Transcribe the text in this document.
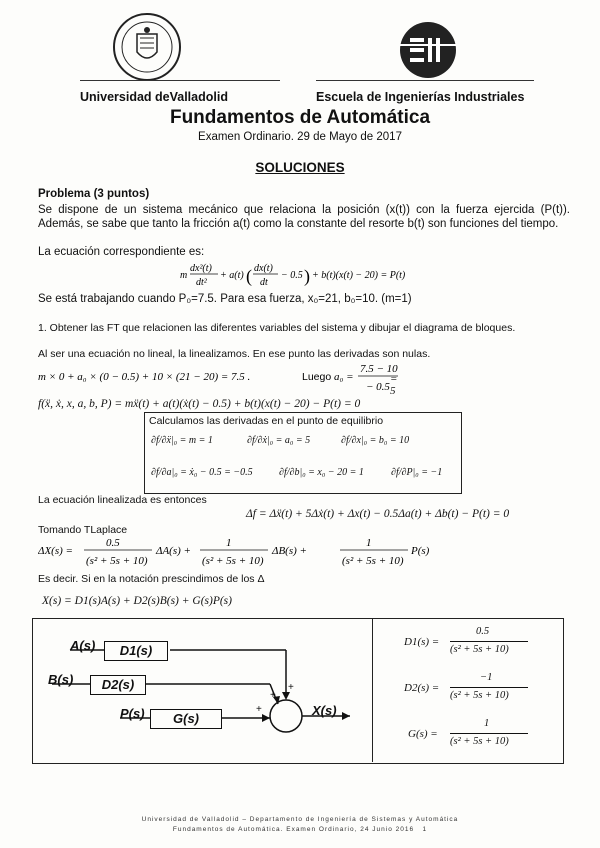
Universidad deValladolid	Escuela de Ingenierías Industriales
Fundamentos de Automática
Examen Ordinario. 29 de Mayo de 2017
SOLUCIONES
Problema (3 puntos)
Se dispone de un sistema mecánico que relaciona la posición (x(t)) con la fuerza ejercida (P(t)). Además, se sabe que tanto la fricción a(t) como la constante del resorte b(t) son funciones del tiempo.
La ecuación correspondiente es:
m
dx²(t)
dt²
+ a(t) ( dx(t)
dt
− 0.5 ) + b(t)(x(t) − 20) = P(t)
Se está trabajando cuando P₀=7.5. Para esa fuerza, x₀=21, b₀=10. (m=1)
1. Obtener las FT que relacionen las diferentes variables del sistema y dibujar el diagrama de bloques.
Al ser una ecuación no lineal, la linealizamos. En ese punto las derivadas son nulas.
m × 0 + a₀ × (0 − 0.5) + 10 × (21 − 20) = 7.5 .	Luego a₀ =
7.5 − 10
− 0.5
= 5
f(ẍ, ẋ, x, a, b, P) = mẍ(t) + a(t)(ẋ(t) − 0.5) + b(t)(x(t) − 20) − P(t) = 0
Calculamos las derivadas en el punto de equilibrio
∂f/∂ẍ|₀ = m = 1	∂f/∂ẋ|₀ = a₀ = 5	∂f/∂x|₀ = b₀ = 10
∂f/∂a|₀ = ẋ₀ − 0.5 = −0.5	∂f/∂b|₀ = x₀ − 20 = 1	∂f/∂P|₀ = −1
La ecuación linealizada es entonces
Δf = Δẍ(t) + 5Δẋ(t) + Δx(t) − 0.5Δa(t) + Δb(t) − P(t) = 0
Tomando TLaplace
ΔX(s) =
0.5
(s² + 5s + 10)
ΔA(s) +
1
(s² + 5s + 10)
ΔB(s) +
1
(s² + 5s + 10)
P(s)
Es decir. Si en la notación prescindimos de los Δ
X(s) = D1(s)A(s) + D2(s)B(s) + G(s)P(s)
A(s)
B(s)
P(s)
D1(s)
D2(s)
G(s)
X(s)
+
+
+
D1(s) =
0.5
(s² + 5s + 10)
D2(s) =
−1
(s² + 5s + 10)
G(s) =
1
(s² + 5s + 10)
Universidad de Valladolid – Departamento de Ingeniería de Sistemas y Automática
Fundamentos de Automática. Examen Ordinario, 24 Junio 2016 1
